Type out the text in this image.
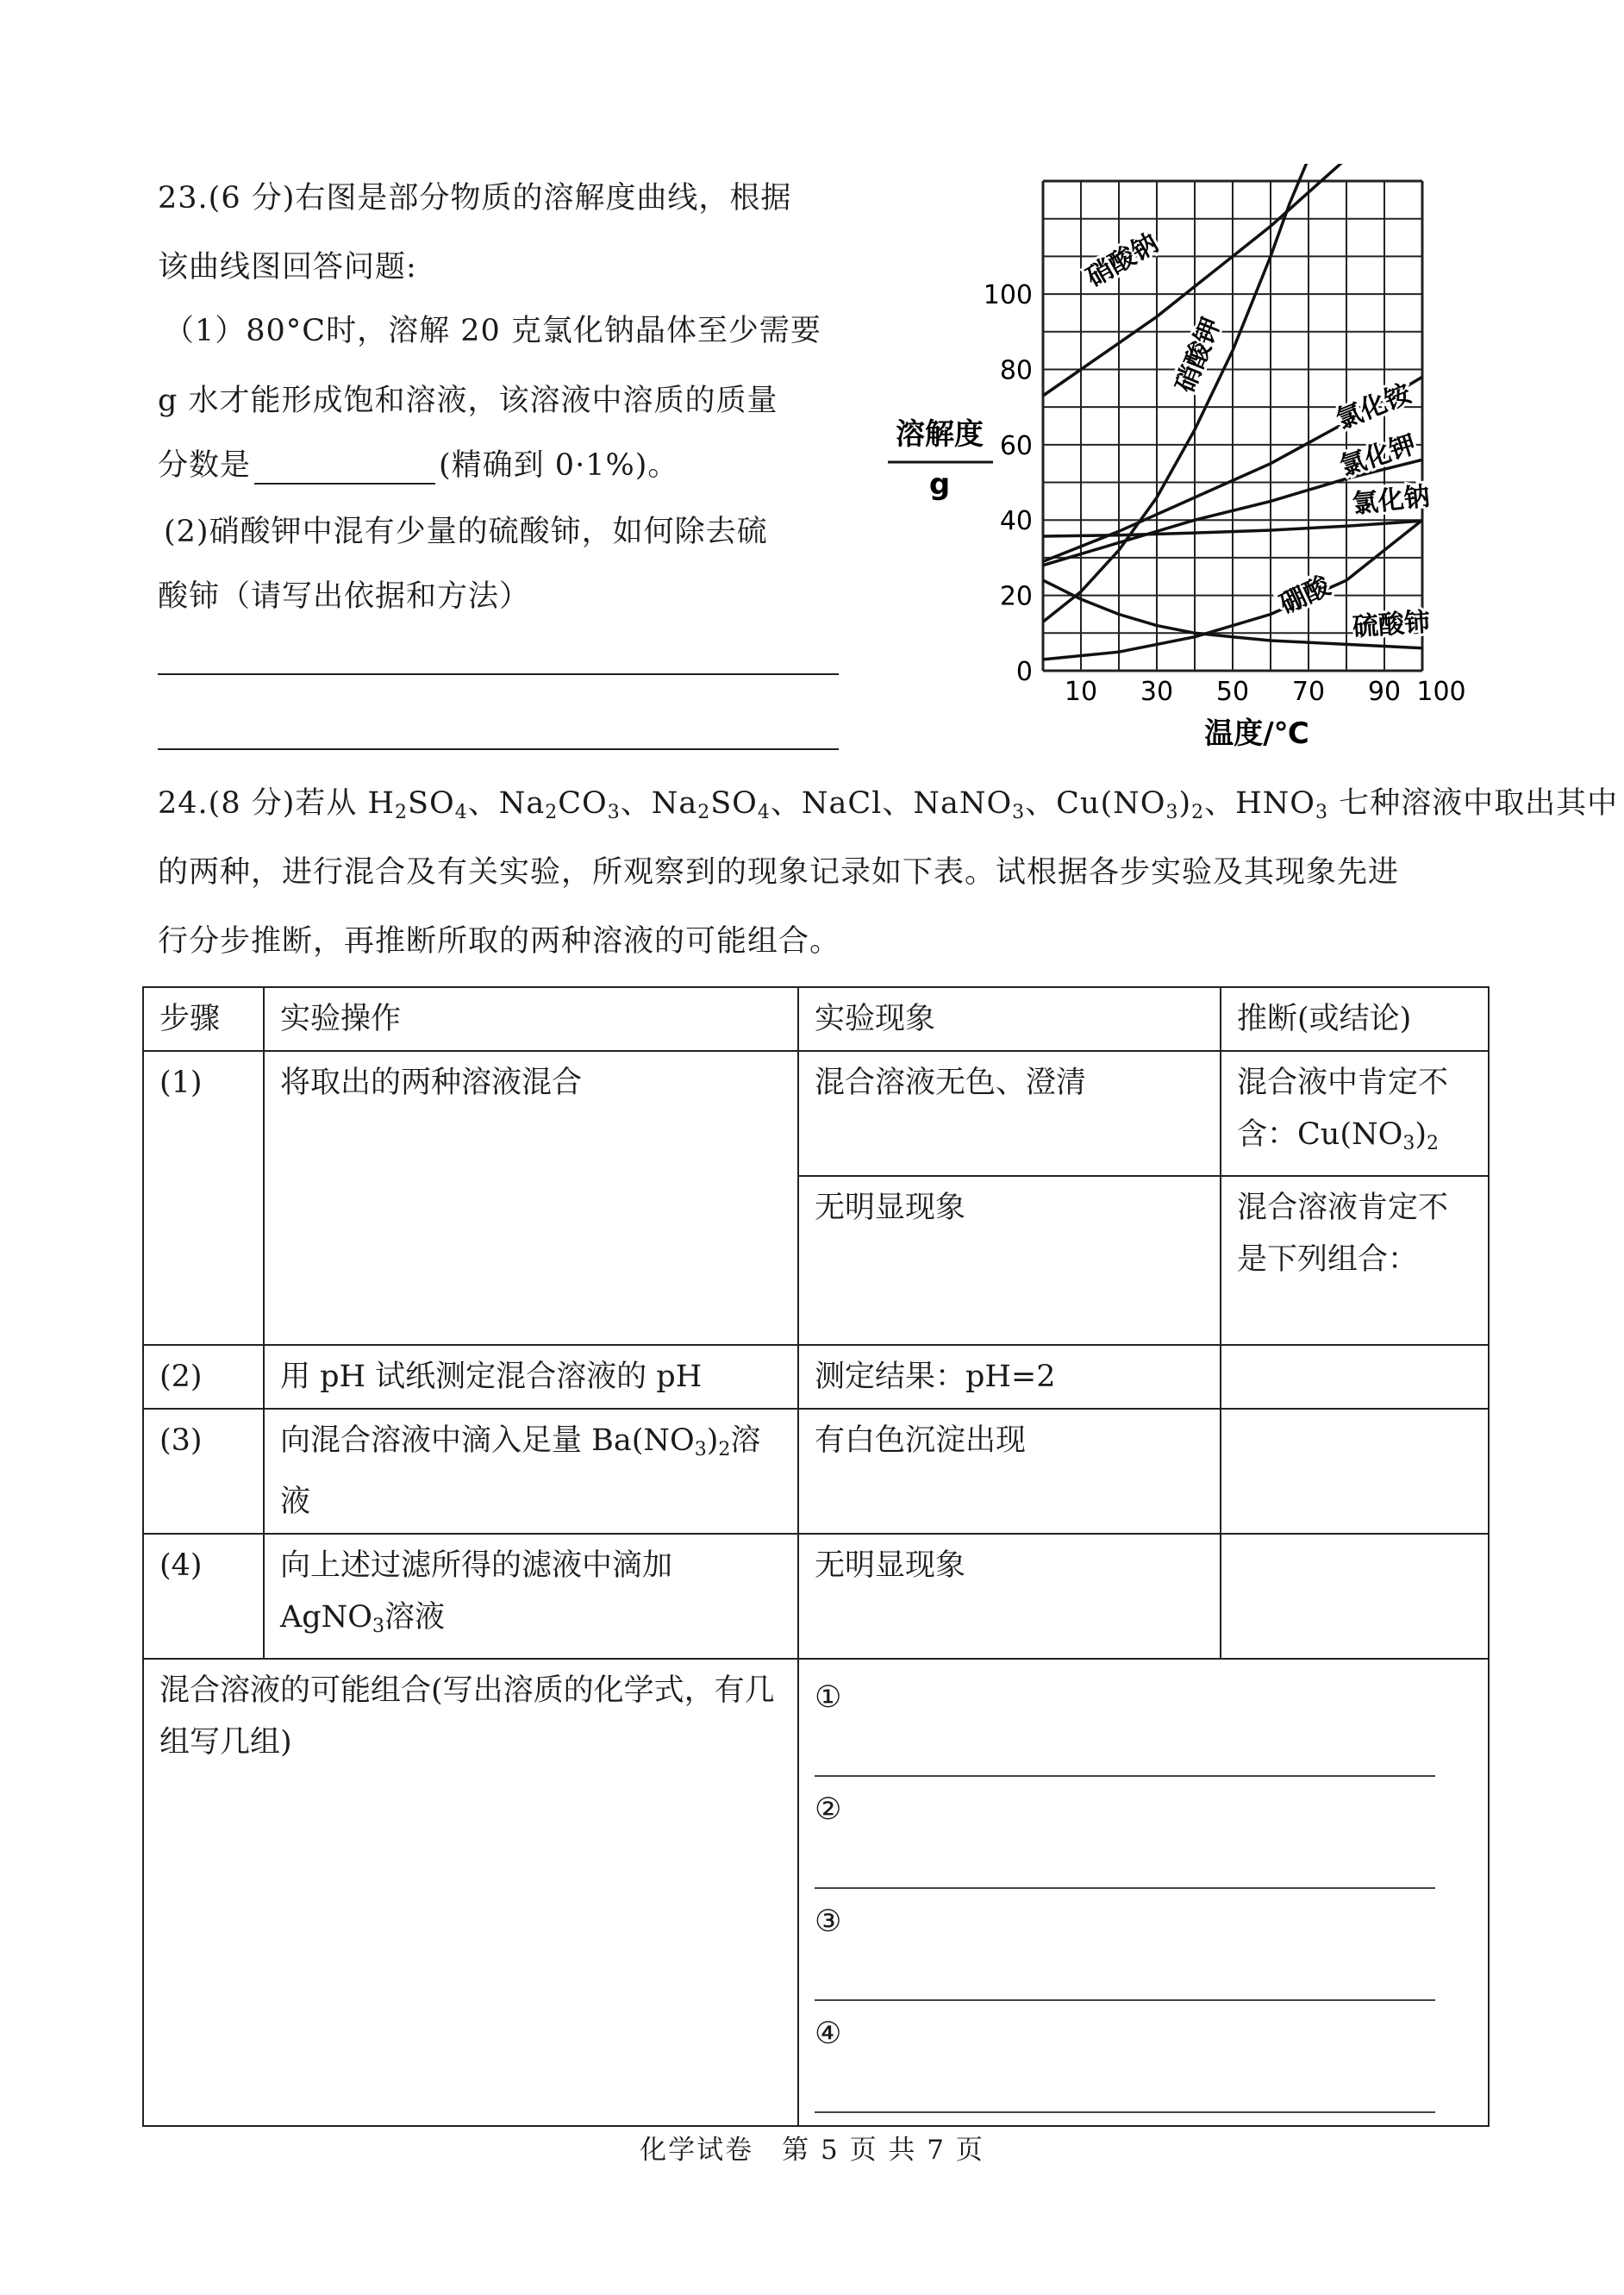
23.(6 分)右图是部分物质的溶解度曲线，根据
该曲线图回答问题:
（1）80°C时，溶解 20 克氯化钠晶体至少需要
g 水才能形成饱和溶液，该溶液中溶质的质量
分数是	(精确到 0·1%)。
(2)硝酸钾中混有少量的硫酸铈，如何除去硫
酸铈（请写出依据和方法）
硝酸钠
硝酸钾
氯化铵
氯化钾
氯化钠
硼酸
硫酸铈
0
20
40
60
80
100
10 30 50 70 90 100
溶解度
g
温度/℃
24.(8 分)若从 $H_2SO_4$、$Na_2CO_3$、$Na_2SO_4$、NaCl、NaNO$_3$、$Cu(NO_3)_2$、$HNO_3$ 七种溶液中取出其中
的两种，进行混合及有关实验，所观察到的现象记录如下表。试根据各步实验及其现象先进
行分步推断，再推断所取的两种溶液的可能组合。
步骤	实验操作	实验现象	推断(或结论)
(1)	将取出的两种溶液混合	混合溶液无色、澄清	混合液中肯定不含：$Cu(NO_3)_2$
		无明显现象	混合溶液肯定不是下列组合：
(2)	用 pH 试纸测定混合溶液的 pH	测定结果：pH=2	
(3)	向混合溶液中滴入足量 $Ba(NO_3)_2$溶液	有白色沉淀出现	
(4)	向上述过滤所得的滤液中滴加 AgNO$_3$溶液	无明显现象	
混合溶液的可能组合(写出溶质的化学式，有几组写几组)		①
②
③
④	
化学试卷　第 5 页 共 7 页
